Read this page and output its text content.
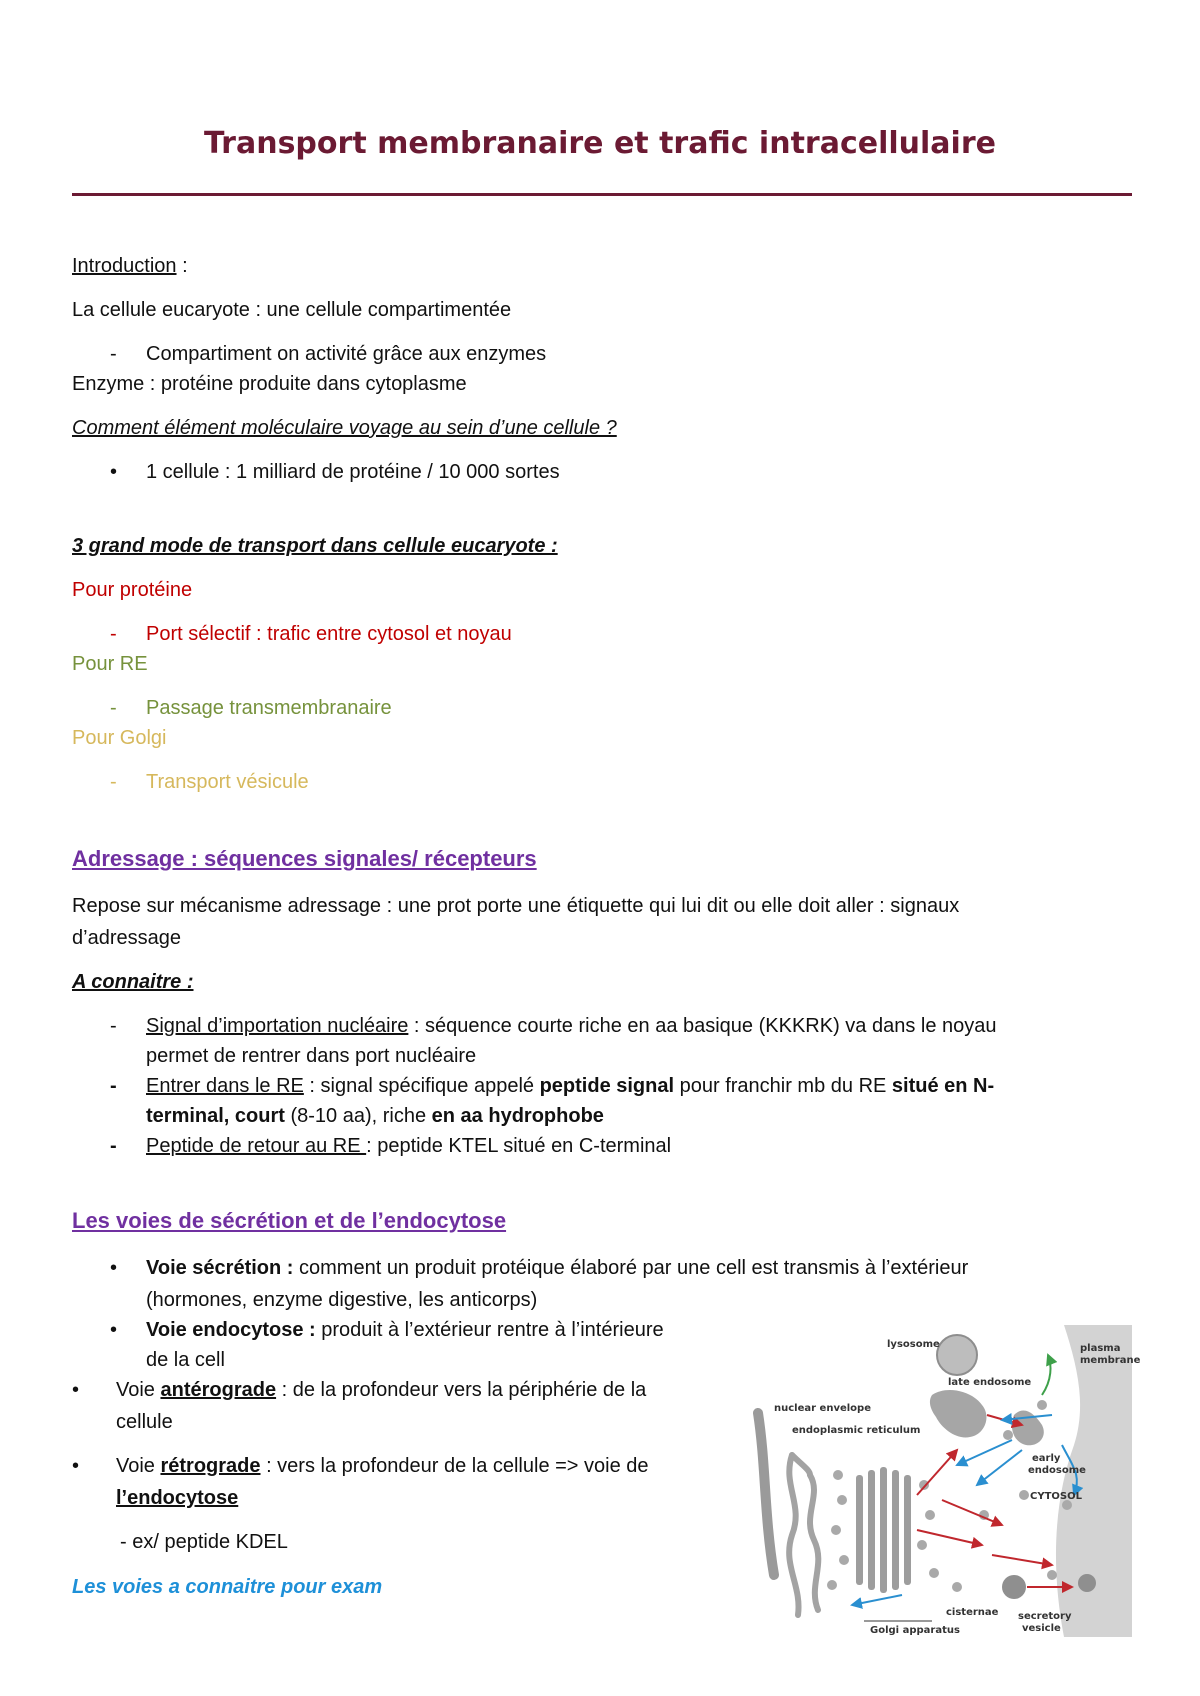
Transport membranaire et trafic intracellulaire
Introduction :
La cellule eucaryote : une cellule compartimentée
- Compartiment on activité grâce aux enzymes
Enzyme : protéine produite dans cytoplasme
Comment élément moléculaire voyage au sein d’une cellule ?
• 1 cellule : 1 milliard de protéine / 10 000 sortes
3 grand mode de transport dans cellule eucaryote :
Pour protéine
- Port sélectif : trafic entre cytosol et noyau
Pour RE
- Passage transmembranaire
Pour Golgi
- Transport vésicule
Adressage : séquences signales/ récepteurs
Repose sur mécanisme adressage : une prot porte une étiquette qui lui dit ou elle doit aller : signaux
d’adressage
A connaitre :
- Signal d’importation nucléaire : séquence courte riche en aa basique (KKKRK) va dans le noyau
permet de rentrer dans port nucléaire
- Entrer dans le RE : signal spécifique appelé peptide signal pour franchir mb du RE situé en N-
terminal, court (8-10 aa), riche en aa hydrophobe
- Peptide de retour au RE : peptide KTEL situé en C-terminal
Les voies de sécrétion et de l’endocytose
• Voie sécrétion : comment un produit protéique élaboré par une cell est transmis à l’extérieur
(hormones, enzyme digestive, les anticorps)
• Voie endocytose : produit à l’extérieur rentre à l’intérieure
de la cell
• Voie antérograde : de la profondeur vers la périphérie de la
cellule
• Voie rétrograde : vers la profondeur de la cellule => voie de
l’endocytose
- ex/ peptide KDEL
Les voies a connaitre pour exam
lysosome	plasma
membrane
late endosome
nuclear envelope
endoplasmic reticulum
early
endosome
CYTOSOL
cisternae secretory
vesicle
Golgi apparatus
